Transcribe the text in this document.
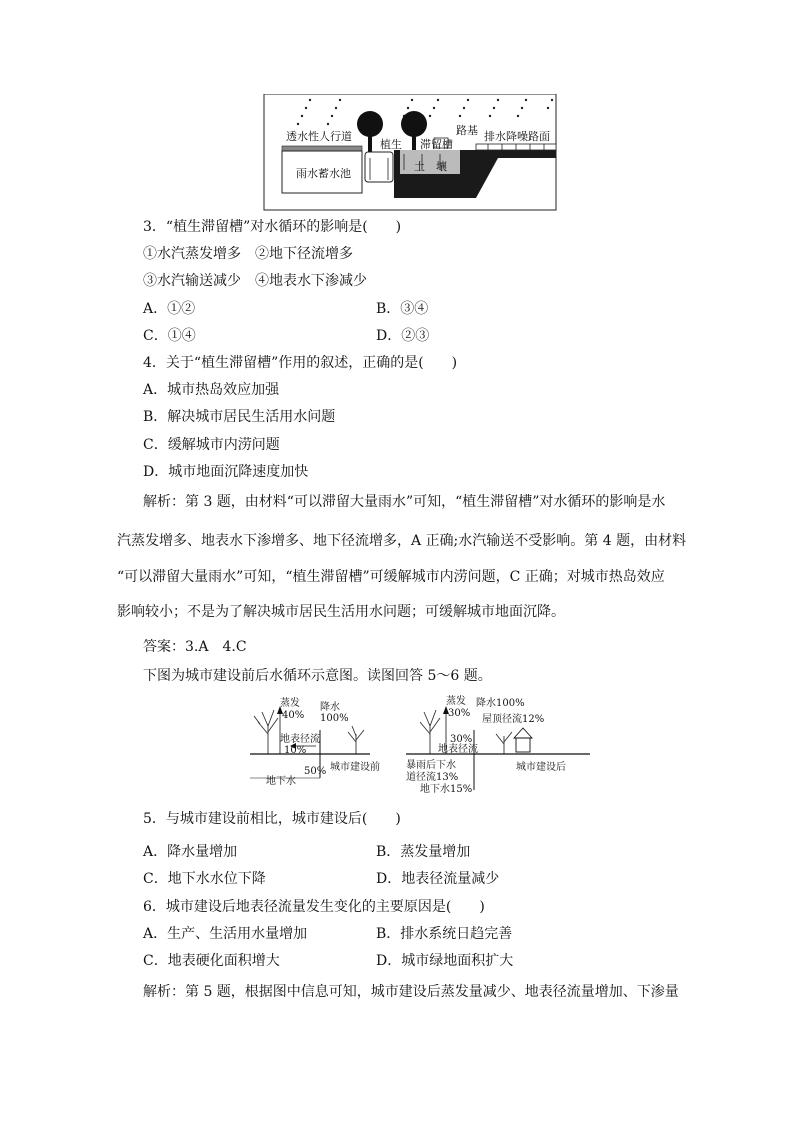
透水性人行道
植生 滞留槽
路基 排水降噪路面
雨水蓄水池
土　壤
3．“植生滞留槽”对水循环的影响是(　　)
①水汽蒸发增多　②地下径流增多
③水汽输送减少　④地表水下渗减少
A．①②	B．③④
C．①④	D．②③
4．关于“植生滞留槽”作用的叙述，正确的是(　　)
A．城市热岛效应加强
B．解决城市居民生活用水问题
C．缓解城市内涝问题
D．城市地面沉降速度加快
解析：第 3 题，由材料“可以滞留大量雨水”可知，“植生滞留槽”对水循环的影响是水
汽蒸发增多、地表水下渗增多、地下径流增多，A 正确;水汽输送不受影响。第 4 题，由材料
“可以滞留大量雨水”可知，“植生滞留槽”可缓解城市内涝问题，C 正确；对城市热岛效应
影响较小；不是为了解决城市居民生活用水问题；可缓解城市地面沉降。
答案：3.A　4.C
下图为城市建设前后水循环示意图。读图回答 5～6 题。
蒸发
40%
降水
100%
地表径流
10%
50%
地下水
城市建设前
蒸发
30%
降水100%
屋顶径流12%
30%
地表径流
暴雨后下水
道径流13%
地下水15%
城市建设后
5．与城市建设前相比，城市建设后(　　)
A．降水量增加	B．蒸发量增加
C．地下水水位下降	D．地表径流量减少
6．城市建设后地表径流量发生变化的主要原因是(　　)
A．生产、生活用水量增加	B．排水系统日趋完善
C．地表硬化面积增大	D．城市绿地面积扩大
解析：第 5 题，根据图中信息可知，城市建设后蒸发量减少、地表径流量增加、下渗量
